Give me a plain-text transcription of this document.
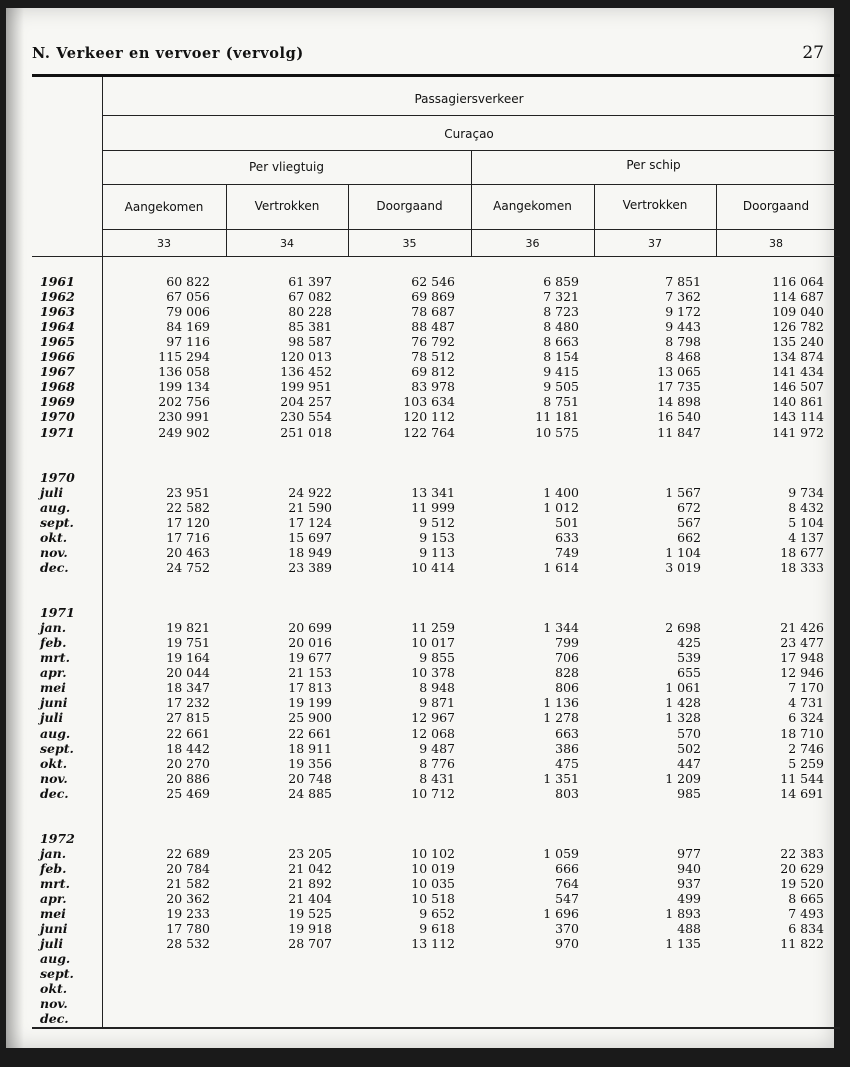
N. Verkeer en vervoer (vervolg)	27
Passagiersverkeer
Curaçao
Per vliegtuig	Per schip
Aangekomen	Vertrokken	Doorgaand	Aangekomen	Vertrokken	Doorgaand
33	34	35	36	37	38
1961	60 822	61 397	62 546	6 859	7 851	116 064
1962	67 056	67 082	69 869	7 321	7 362	114 687
1963	79 006	80 228	78 687	8 723	9 172	109 040
1964	84 169	85 381	88 487	8 480	9 443	126 782
1965	97 116	98 587	76 792	8 663	8 798	135 240
1966	115 294	120 013	78 512	8 154	8 468	134 874
1967	136 058	136 452	69 812	9 415	13 065	141 434
1968	199 134	199 951	83 978	9 505	17 735	146 507
1969	202 756	204 257	103 634	8 751	14 898	140 861
1970	230 991	230 554	120 112	11 181	16 540	143 114
1971	249 902	251 018	122 764	10 575	11 847	141 972
1970
juli	23 951	24 922	13 341	1 400	1 567	9 734
aug.	22 582	21 590	11 999	1 012	672	8 432
sept.	17 120	17 124	9 512	501	567	5 104
okt.	17 716	15 697	9 153	633	662	4 137
nov.	20 463	18 949	9 113	749	1 104	18 677
dec.	24 752	23 389	10 414	1 614	3 019	18 333
1971
jan.	19 821	20 699	11 259	1 344	2 698	21 426
feb.	19 751	20 016	10 017	799	425	23 477
mrt.	19 164	19 677	9 855	706	539	17 948
apr.	20 044	21 153	10 378	828	655	12 946
mei	18 347	17 813	8 948	806	1 061	7 170
juni	17 232	19 199	9 871	1 136	1 428	4 731
juli	27 815	25 900	12 967	1 278	1 328	6 324
aug.	22 661	22 661	12 068	663	570	18 710
sept.	18 442	18 911	9 487	386	502	2 746
okt.	20 270	19 356	8 776	475	447	5 259
nov.	20 886	20 748	8 431	1 351	1 209	11 544
dec.	25 469	24 885	10 712	803	985	14 691
1972
jan.	22 689	23 205	10 102	1 059	977	22 383
feb.	20 784	21 042	10 019	666	940	20 629
mrt.	21 582	21 892	10 035	764	937	19 520
apr.	20 362	21 404	10 518	547	499	8 665
mei	19 233	19 525	9 652	1 696	1 893	7 493
juni	17 780	19 918	9 618	370	488	6 834
juli	28 532	28 707	13 112	970	1 135	11 822
aug.
sept.
okt.
nov.
dec.
